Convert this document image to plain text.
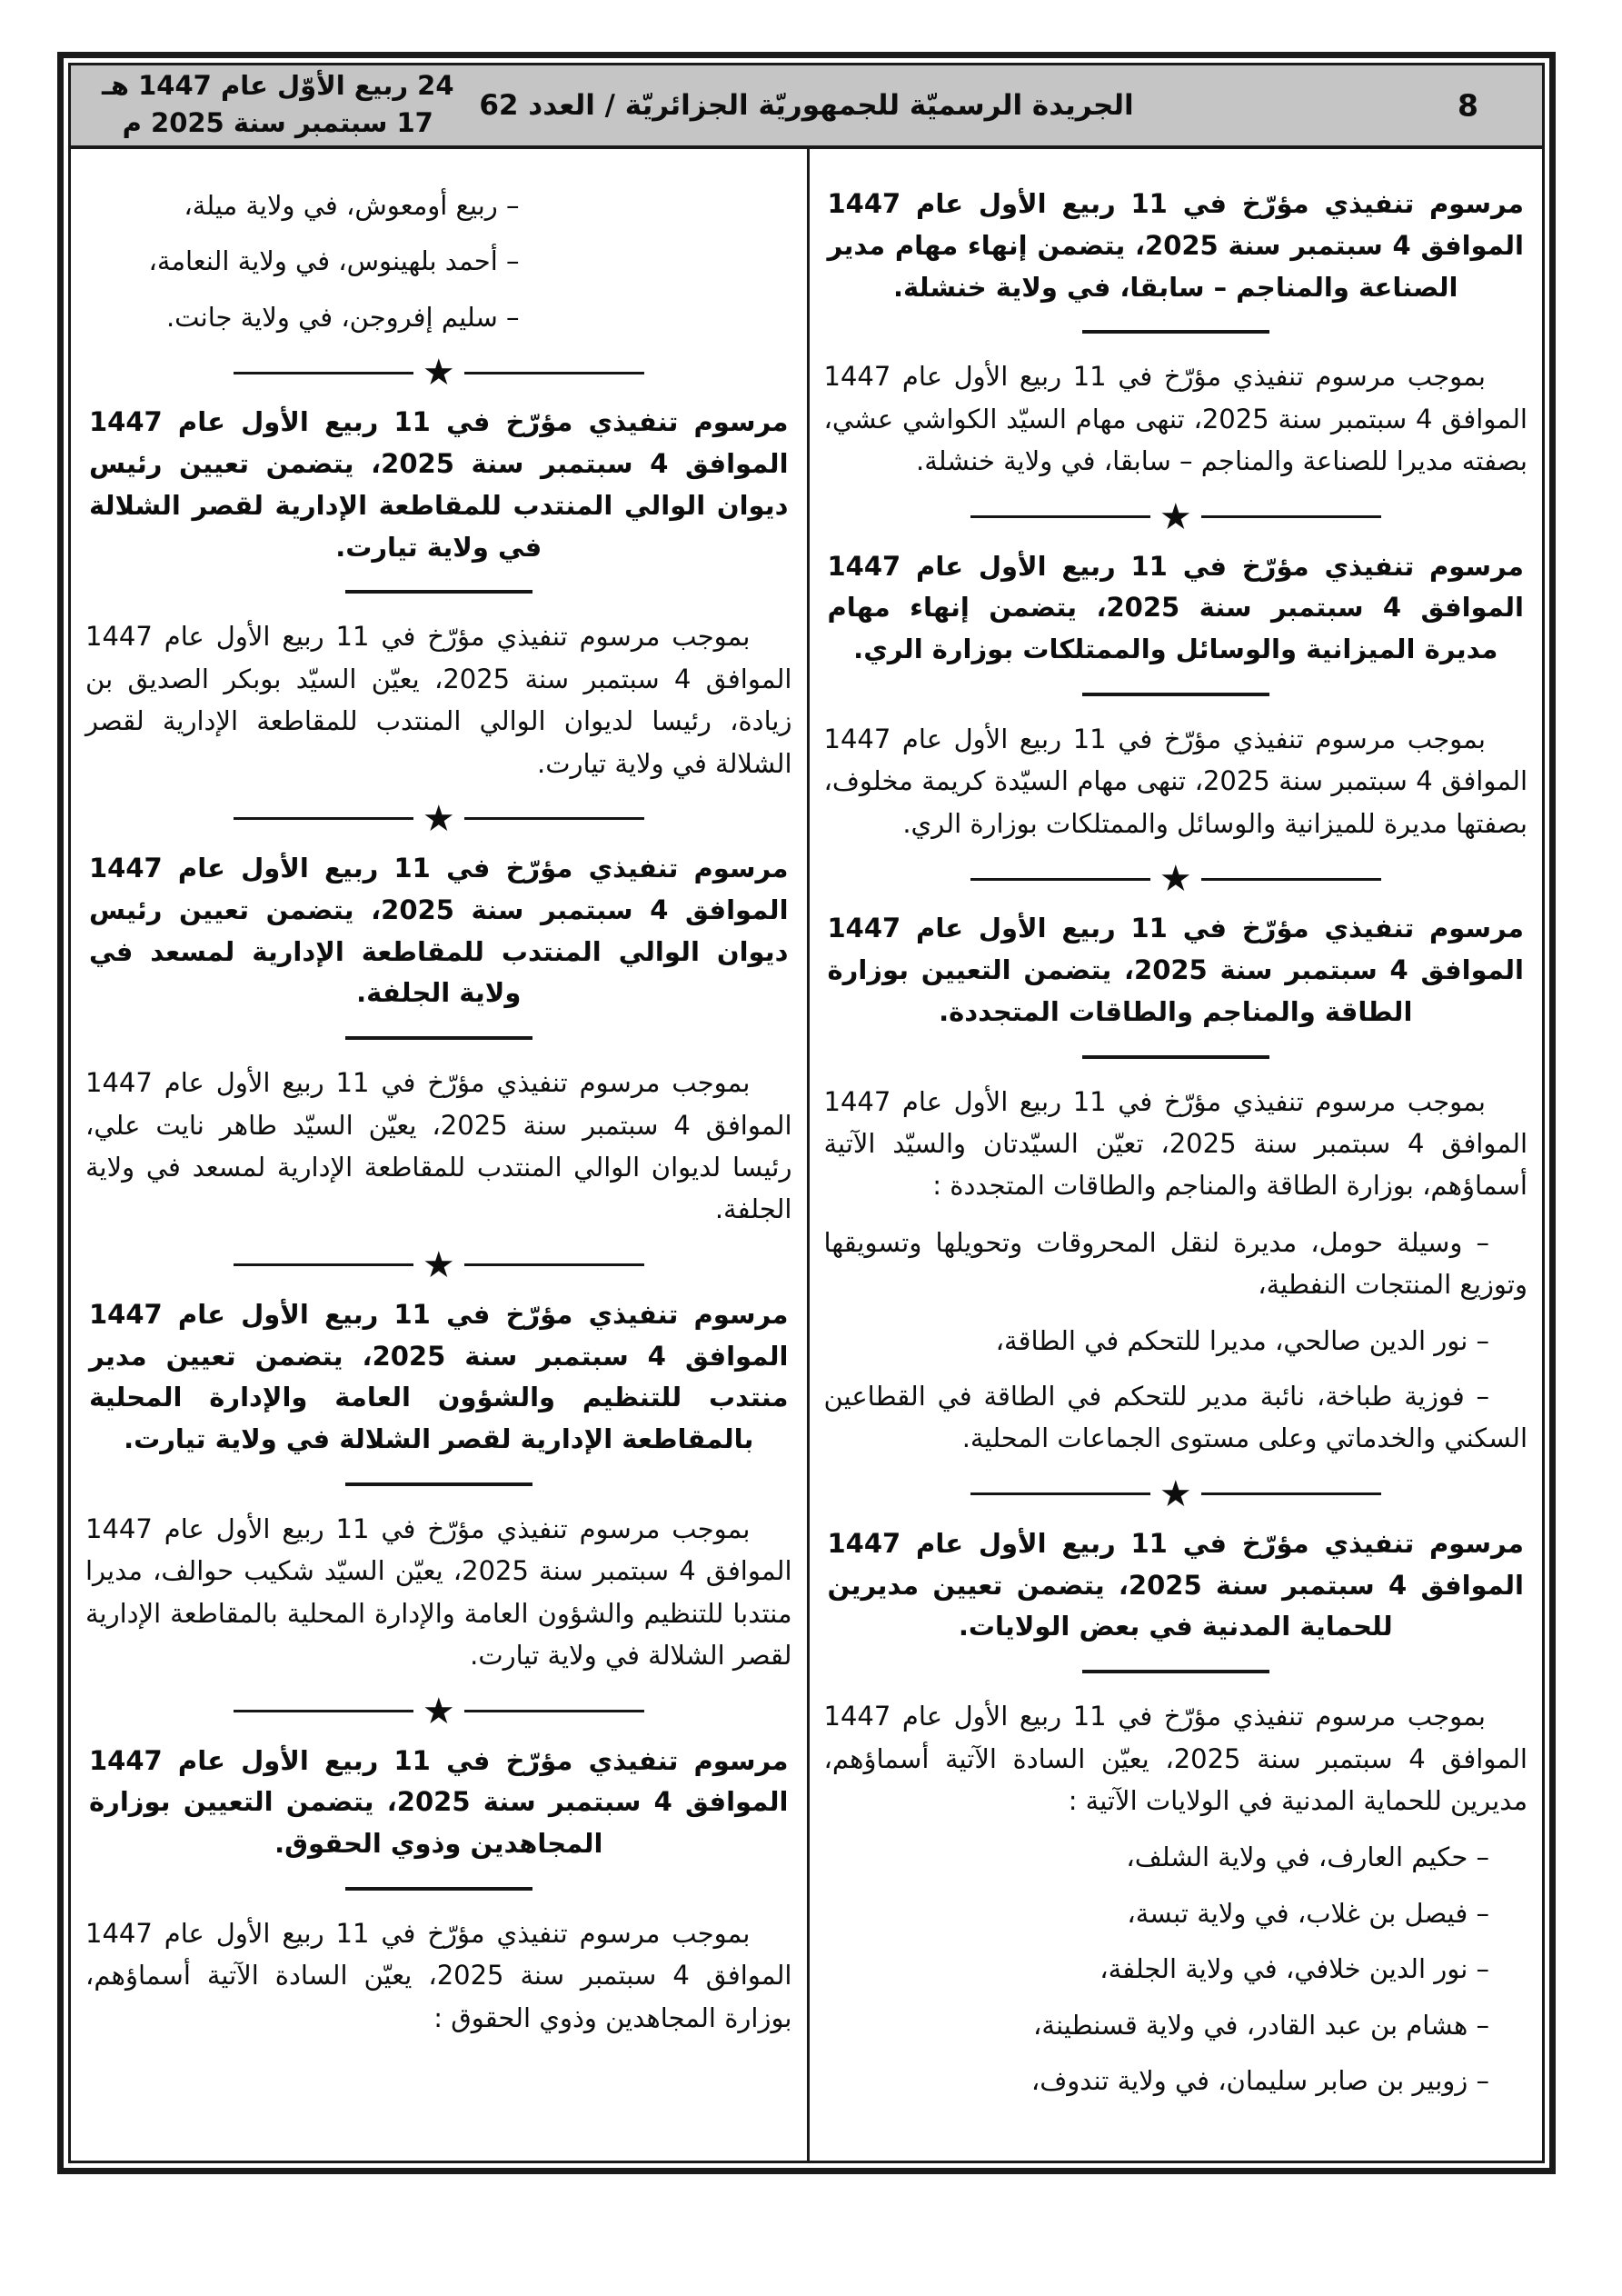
24 ربيع الأوّل عام 1447 هـ
17 سبتمبر سنة 2025 م
الجريدة الرسميّة للجمهوريّة الجزائريّة / العدد 62	8
مرسوم تنفيذي مؤرّخ في 11 ربيع الأول عام 1447 الموافق 4 سبتمبر سنة 2025، يتضمن إنهاء مهام مدير الصناعة والمناجم – سابقا، في ولاية خنشلة.

بموجب مرسوم تنفيذي مؤرّخ في 11 ربيع الأول عام 1447 الموافق 4 سبتمبر سنة 2025، تنهى مهام السيّد الكواشي عشي، بصفته مديرا للصناعة والمناجم – سابقا، في ولاية خنشلة.

★
مرسوم تنفيذي مؤرّخ في 11 ربيع الأول عام 1447 الموافق 4 سبتمبر سنة 2025، يتضمن إنهاء مهام مديرة الميزانية والوسائل والممتلكات بوزارة الري.

بموجب مرسوم تنفيذي مؤرّخ في 11 ربيع الأول عام 1447 الموافق 4 سبتمبر سنة 2025، تنهى مهام السيّدة كريمة مخلوف، بصفتها مديرة للميزانية والوسائل والممتلكات بوزارة الري.

★
مرسوم تنفيذي مؤرّخ في 11 ربيع الأول عام 1447 الموافق 4 سبتمبر سنة 2025، يتضمن التعيين بوزارة الطاقة والمناجم والطاقات المتجددة.

بموجب مرسوم تنفيذي مؤرّخ في 11 ربيع الأول عام 1447 الموافق 4 سبتمبر سنة 2025، تعيّن السيّدتان والسيّد الآتية أسماؤهم، بوزارة الطاقة والمناجم والطاقات المتجددة :

– وسيلة حومل، مديرة لنقل المحروقات وتحويلها وتسويقها وتوزيع المنتجات النفطية،

– نور الدين صالحي، مديرا للتحكم في الطاقة،

– فوزية طباخة، نائبة مدير للتحكم في الطاقة في القطاعين السكني والخدماتي وعلى مستوى الجماعات المحلية.

★
مرسوم تنفيذي مؤرّخ في 11 ربيع الأول عام 1447 الموافق 4 سبتمبر سنة 2025، يتضمن تعيين مديرين للحماية المدنية في بعض الولايات.

بموجب مرسوم تنفيذي مؤرّخ في 11 ربيع الأول عام 1447 الموافق 4 سبتمبر سنة 2025، يعيّن السادة الآتية أسماؤهم، مديرين للحماية المدنية في الولايات الآتية :

– حكيم العارف، في ولاية الشلف،

– فيصل بن غلاب، في ولاية تبسة،

– نور الدين خلافي، في ولاية الجلفة،

– هشام بن عبد القادر، في ولاية قسنطينة،

– زوبير بن صابر سليمان، في ولاية تندوف،

– ربيع أومعوش، في ولاية ميلة،

– أحمد بلهينوس، في ولاية النعامة،

– سليم إفروجن، في ولاية جانت.

★
مرسوم تنفيذي مؤرّخ في 11 ربيع الأول عام 1447 الموافق 4 سبتمبر سنة 2025، يتضمن تعيين رئيس ديوان الوالي المنتدب للمقاطعة الإدارية لقصر الشلالة في ولاية تيارت.

بموجب مرسوم تنفيذي مؤرّخ في 11 ربيع الأول عام 1447 الموافق 4 سبتمبر سنة 2025، يعيّن السيّد بوبكر الصديق بن زيادة، رئيسا لديوان الوالي المنتدب للمقاطعة الإدارية لقصر الشلالة في ولاية تيارت.

★
مرسوم تنفيذي مؤرّخ في 11 ربيع الأول عام 1447 الموافق 4 سبتمبر سنة 2025، يتضمن تعيين رئيس ديوان الوالي المنتدب للمقاطعة الإدارية لمسعد في ولاية الجلفة.

بموجب مرسوم تنفيذي مؤرّخ في 11 ربيع الأول عام 1447 الموافق 4 سبتمبر سنة 2025، يعيّن السيّد طاهر نايت علي، رئيسا لديوان الوالي المنتدب للمقاطعة الإدارية لمسعد في ولاية الجلفة.

★
مرسوم تنفيذي مؤرّخ في 11 ربيع الأول عام 1447 الموافق 4 سبتمبر سنة 2025، يتضمن تعيين مدير منتدب للتنظيم والشؤون العامة والإدارة المحلية بالمقاطعة الإدارية لقصر الشلالة في ولاية تيارت.

بموجب مرسوم تنفيذي مؤرّخ في 11 ربيع الأول عام 1447 الموافق 4 سبتمبر سنة 2025، يعيّن السيّد شكيب حوالف، مديرا منتدبا للتنظيم والشؤون العامة والإدارة المحلية بالمقاطعة الإدارية لقصر الشلالة في ولاية تيارت.

★
مرسوم تنفيذي مؤرّخ في 11 ربيع الأول عام 1447 الموافق 4 سبتمبر سنة 2025، يتضمن التعيين بوزارة المجاهدين وذوي الحقوق.

بموجب مرسوم تنفيذي مؤرّخ في 11 ربيع الأول عام 1447 الموافق 4 سبتمبر سنة 2025، يعيّن السادة الآتية أسماؤهم، بوزارة المجاهدين وذوي الحقوق :
